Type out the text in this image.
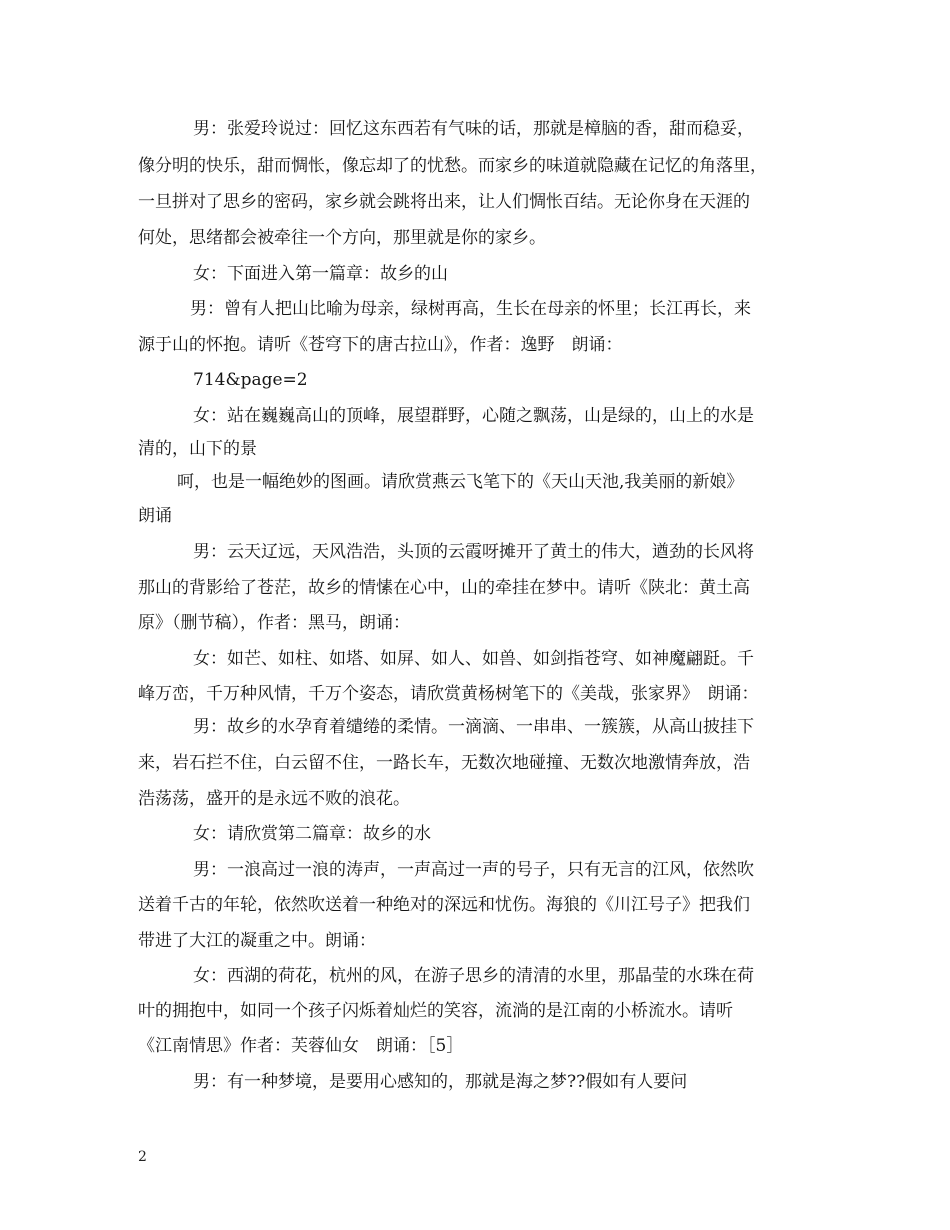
男：张爱玲说过：回忆这东西若有气味的话，那就是樟脑的香，甜而稳妥，
像分明的快乐，甜而惆怅，像忘却了的忧愁。而家乡的味道就隐藏在记忆的角落里，
一旦拼对了思乡的密码，家乡就会跳将出来，让人们惆怅百结。无论你身在天涯的
何处，思绪都会被牵往一个方向，那里就是你的家乡。
女：下面进入第一篇章：故乡的山
男：曾有人把山比喻为母亲，绿树再高，生长在母亲的怀里；长江再长，来
源于山的怀抱。请听《苍穹下的唐古拉山》，作者：逸野　朗诵：
714&page=2
女：站在巍巍高山的顶峰，展望群野，心随之飘荡，山是绿的，山上的水是
清的，山下的景
呵，也是一幅绝妙的图画。请欣赏燕云飞笔下的《天山天池,我美丽的新娘》
朗诵
男：云天辽远，天风浩浩，头顶的云霞呀摊开了黄土的伟大，遒劲的长风将
那山的背影给了苍茫，故乡的情愫在心中，山的牵挂在梦中。请听《陕北：黄土高
原》（删节稿），作者：黑马，朗诵：
女：如芒、如柱、如塔、如屏、如人、如兽、如剑指苍穹、如神魔翩跹。千
峰万峦，千万种风情，千万个姿态，请欣赏黄杨树笔下的《美哉，张家界》　朗诵：
男：故乡的水孕育着缱绻的柔情。一滴滴、一串串、一簇簇，从高山披挂下
来，岩石拦不住，白云留不住，一路长车，无数次地碰撞、无数次地激情奔放，浩
浩荡荡，盛开的是永远不败的浪花。
女：请欣赏第二篇章：故乡的水
男：一浪高过一浪的涛声，一声高过一声的号子，只有无言的江风，依然吹
送着千古的年轮，依然吹送着一种绝对的深远和忧伤。海狼的《川江号子》把我们
带进了大江的凝重之中。朗诵：
女：西湖的荷花，杭州的风，在游子思乡的清清的水里，那晶莹的水珠在荷
叶的拥抱中，如同一个孩子闪烁着灿烂的笑容，流淌的是江南的小桥流水。请听
《江南情思》作者：芙蓉仙女　朗诵：［5］
男：有一种梦境，是要用心感知的，那就是海之梦??假如有人要问
2
